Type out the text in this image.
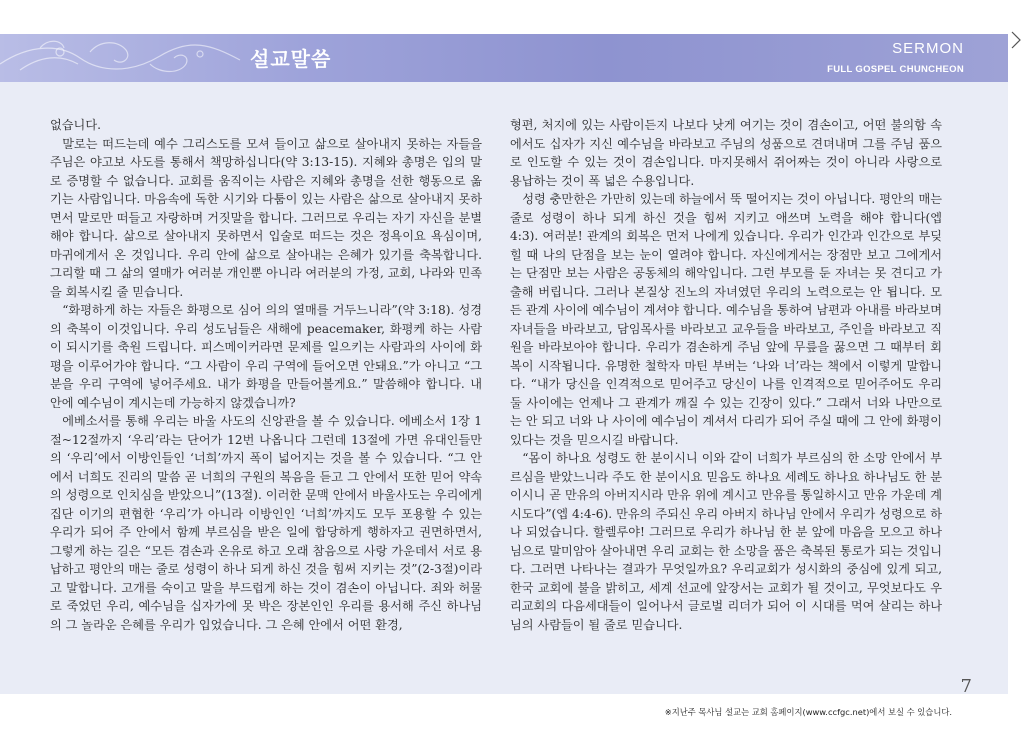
설교말씀	SERMON
FULL GOSPEL CHUNCHEON

없습니다.

말로는 떠드는데 예수 그리스도를 모셔 들이고 삶으로 살아내지 못하는 자들을 주님은 야고보 사도를 통해서 책망하십니다(약 3:13-15). 지혜와 총명은 입의 말로 증명할 수 없습니다. 교회를 움직이는 사람은 지혜와 총명을 선한 행동으로 옮기는 사람입니다. 마음속에 독한 시기와 다툼이 있는 사람은 삶으로 살아내지 못하면서 말로만 떠들고 자랑하며 거짓말을 합니다. 그러므로 우리는 자기 자신을 분별해야 합니다. 삶으로 살아내지 못하면서 입술로 떠드는 것은 정욕이요 욕심이며, 마귀에게서 온 것입니다. 우리 안에 삶으로 살아내는 은혜가 있기를 축복합니다. 그리할 때 그 삶의 열매가 여러분 개인뿐 아니라 여러분의 가정, 교회, 나라와 민족을 회복시킬 줄 믿습니다.

“화평하게 하는 자들은 화평으로 심어 의의 열매를 거두느니라”(약 3:18). 성경의 축복이 이것입니다. 우리 성도님들은 새해에 peacemaker, 화평케 하는 사람이 되시기를 축원 드립니다. 피스메이커라면 문제를 일으키는 사람과의 사이에 화평을 이루어가야 합니다. “그 사람이 우리 구역에 들어오면 안돼요.”가 아니고 “그분을 우리 구역에 넣어주세요. 내가 화평을 만들어볼게요.” 말씀해야 합니다. 내 안에 예수님이 계시는데 가능하지 않겠습니까?

에베소서를 통해 우리는 바울 사도의 신앙관을 볼 수 있습니다. 에베소서 1장 1절~12절까지 ‘우리’라는 단어가 12번 나옵니다 그런데 13절에 가면 유대인들만의 ‘우리’에서 이방인들인 ‘너희’까지 폭이 넓어지는 것을 볼 수 있습니다. “그 안에서 너희도 진리의 말씀 곧 너희의 구원의 복음을 듣고 그 안에서 또한 믿어 약속의 성령으로 인치심을 받았으니”(13절). 이러한 문맥 안에서 바울사도는 우리에게 집단 이기의 편협한 ‘우리’가 아니라 이방인인 ‘너희’까지도 모두 포용할 수 있는 우리가 되어 주 안에서 함께 부르심을 받은 일에 합당하게 행하자고 권면하면서, 그렇게 하는 길은 “모든 겸손과 온유로 하고 오래 참음으로 사랑 가운데서 서로 용납하고 평안의 매는 줄로 성령이 하나 되게 하신 것을 힘써 지키는 것”(2-3절)이라고 말합니다. 고개를 숙이고 말을 부드럽게 하는 것이 겸손이 아닙니다. 죄와 허물로 죽었던 우리, 예수님을 십자가에 못 박은 장본인인 우리를 용서해 주신 하나님의 그 놀라운 은혜를 우리가 입었습니다. 그 은혜 안에서 어떤 환경,

형편, 처지에 있는 사람이든지 나보다 낫게 여기는 것이 겸손이고, 어떤 불의함 속에서도 십자가 지신 예수님을 바라보고 주님의 성품으로 견뎌내며 그를 주님 품으로 인도할 수 있는 것이 겸손입니다. 마지못해서 쥐어짜는 것이 아니라 사랑으로 용납하는 것이 폭 넓은 수용입니다.

성령 충만한은 가만히 있는데 하늘에서 뚝 떨어지는 것이 아닙니다. 평안의 매는 줄로 성령이 하나 되게 하신 것을 힘써 지키고 애쓰며 노력을 해야 합니다(엡 4:3). 여러분! 관계의 회복은 먼저 나에게 있습니다. 우리가 인간과 인간으로 부딪힐 때 나의 단점을 보는 눈이 열려야 합니다. 자신에게서는 장점만 보고 그에게서는 단점만 보는 사람은 공동체의 해악입니다. 그런 부모를 둔 자녀는 못 견디고 가출해 버립니다. 그러나 본질상 진노의 자녀였던 우리의 노력으로는 안 됩니다. 모든 관계 사이에 예수님이 계셔야 합니다. 예수님을 통하여 남편과 아내를 바라보며 자녀들을 바라보고, 담임목사를 바라보고 교우들을 바라보고, 주인을 바라보고 직원을 바라보아야 합니다. 우리가 겸손하게 주님 앞에 무릎을 꿇으면 그 때부터 회복이 시작됩니다. 유명한 철학자 마틴 부버는 ‘나와 너’라는 책에서 이렇게 말합니다. “내가 당신을 인격적으로 믿어주고 당신이 나를 인격적으로 믿어주어도 우리 둘 사이에는 언제나 그 관계가 깨질 수 있는 긴장이 있다.” 그래서 너와 나만으로는 안 되고 너와 나 사이에 예수님이 계셔서 다리가 되어 주실 때에 그 안에 화평이 있다는 것을 믿으시길 바랍니다.

“몸이 하나요 성령도 한 분이시니 이와 같이 너희가 부르심의 한 소망 안에서 부르심을 받았느니라 주도 한 분이시요 믿음도 하나요 세례도 하나요 하나님도 한 분이시니 곧 만유의 아버지시라 만유 위에 계시고 만유를 통일하시고 만유 가운데 계시도다”(엡 4:4-6). 만유의 주되신 우리 아버지 하나님 안에서 우리가 성령으로 하나 되었습니다. 할렐루야! 그러므로 우리가 하나님 한 분 앞에 마음을 모으고 하나님으로 말미암아 살아내면 우리 교회는 한 소망을 품은 축복된 통로가 되는 것입니다. 그러면 나타나는 결과가 무엇일까요? 우리교회가 성시화의 중심에 있게 되고, 한국 교회에 불을 밝히고, 세계 선교에 앞장서는 교회가 될 것이고, 무엇보다도 우리교회의 다음세대들이 일어나서 글로벌 리더가 되어 이 시대를 먹여 살리는 하나님의 사람들이 될 줄로 믿습니다.

7
※지난주 목사님 설교는 교회 홈페이지(www.ccfgc.net)에서 보실 수 있습니다.
